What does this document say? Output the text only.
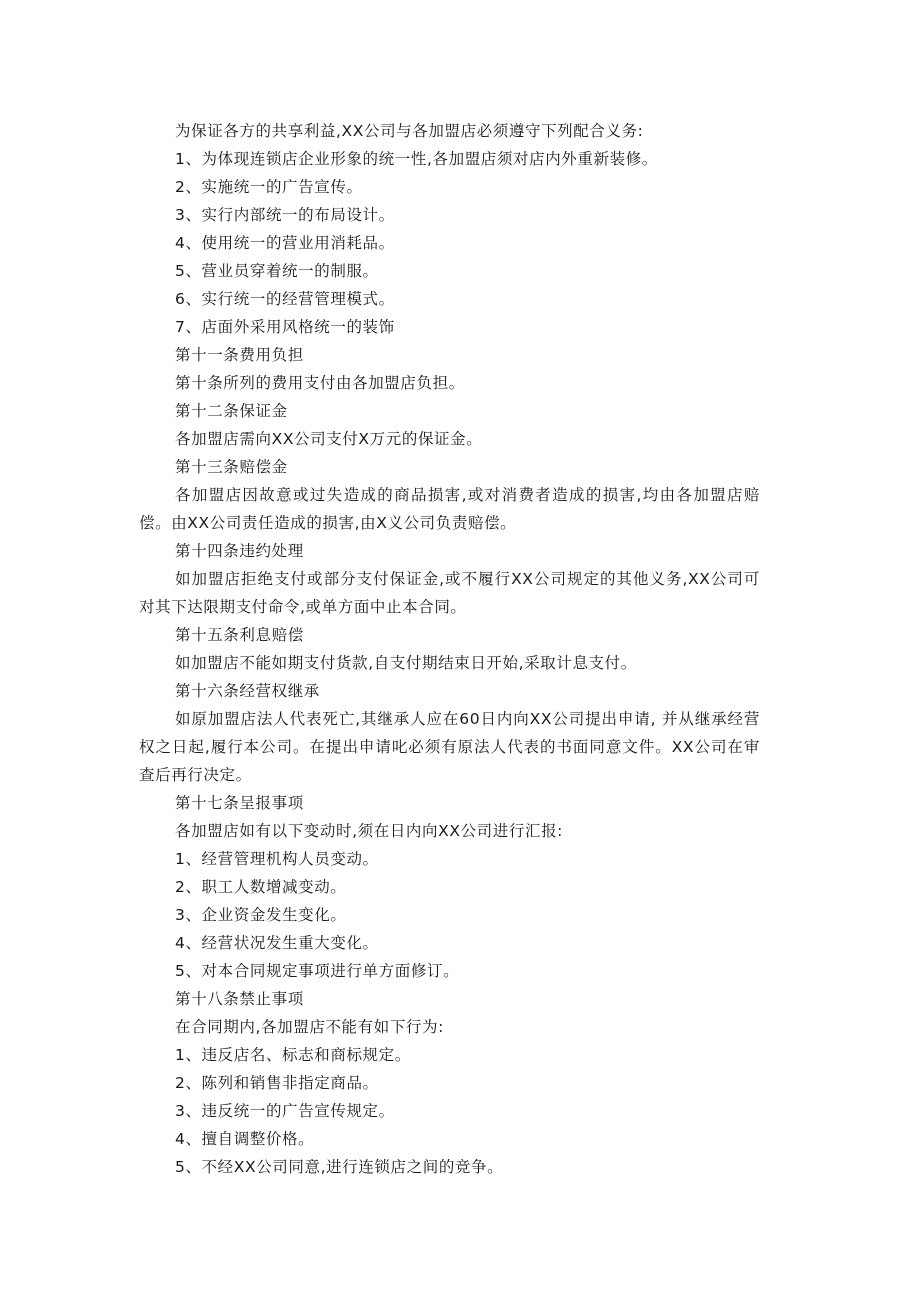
为保证各方的共享利益,XX公司与各加盟店必须遵守下列配合义务:

1、为体现连锁店企业形象的统一性,各加盟店须对店内外重新装修。

2、实施统一的广告宣传。

3、实行内部统一的布局设计。

4、使用统一的营业用消耗品。

5、营业员穿着统一的制服。

6、实行统一的经营管理模式。

7、店面外采用风格统一的装饰

第十一条费用负担

第十条所列的费用支付由各加盟店负担。

第十二条保证金

各加盟店需向XX公司支付X万元的保证金。

第十三条赔偿金

各加盟店因故意或过失造成的商品损害,或对消费者造成的损害,均由各加盟店赔偿。由XX公司责任造成的损害,由X义公司负责赔偿。

第十四条违约处理

如加盟店拒绝支付或部分支付保证金,或不履行XX公司规定的其他义务,XX公司可对其下达限期支付命令,或单方面中止本合同。

第十五条利息赔偿

如加盟店不能如期支付货款,自支付期结束日开始,采取计息支付。

第十六条经营权继承

如原加盟店法人代表死亡,其继承人应在60日内向XX公司提出申请, 并从继承经营权之日起,履行本公司。在提出申请叱必须有原法人代表的书面同意文件。XX公司在审查后再行决定。

第十七条呈报事项

各加盟店如有以下变动时,须在日内向XX公司进行汇报:

1、经营管理机构人员变动。

2、职工人数增减变动。

3、企业资金发生变化。

4、经营状况发生重大变化。

5、对本合同规定事项进行单方面修订。

第十八条禁止事项

在合同期内,各加盟店不能有如下行为:

1、违反店名、标志和商标规定。

2、陈列和销售非指定商品。

3、违反统一的广告宣传规定。

4、擅自调整价格。

5、不经XX公司同意,进行连锁店之间的竞争。
